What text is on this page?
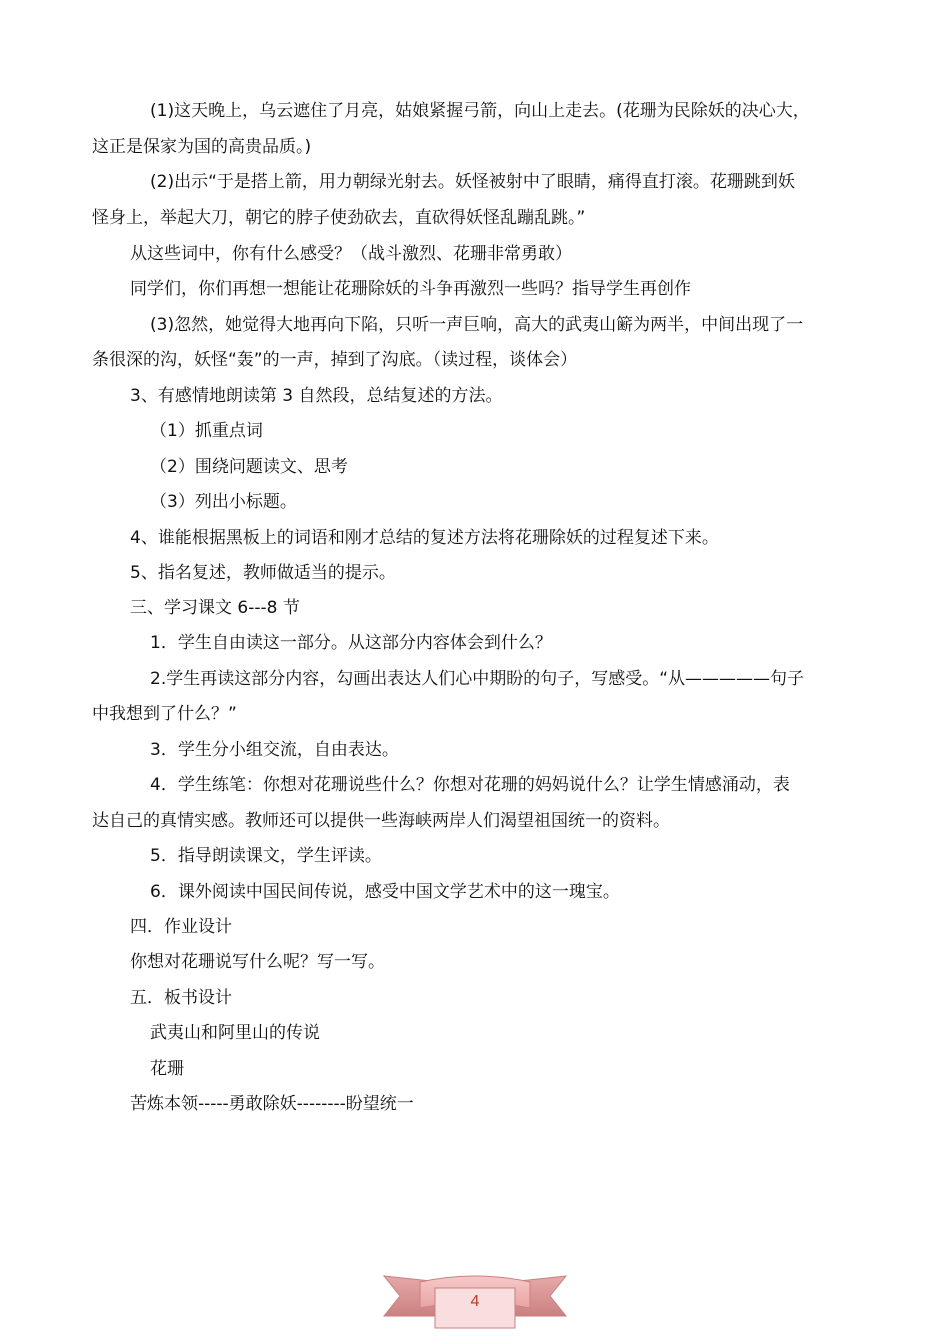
(1)这天晚上，乌云遮住了月亮，姑娘紧握弓箭，向山上走去。(花珊为民除妖的决心大，
这正是保家为国的高贵品质。)
(2)出示“于是搭上箭，用力朝绿光射去。妖怪被射中了眼睛，痛得直打滚。花珊跳到妖
怪身上，举起大刀，朝它的脖子使劲砍去，直砍得妖怪乱蹦乱跳。”
从这些词中，你有什么感受？（战斗激烈、花珊非常勇敢）
同学们，你们再想一想能让花珊除妖的斗争再激烈一些吗？指导学生再创作
(3)忽然，她觉得大地再向下陷，只听一声巨响，高大的武夷山簖为两半，中间出现了一
条很深的沟，妖怪“轰”的一声，掉到了沟底。（读过程，谈体会）
3、有感情地朗读第 3 自然段，总结复述的方法。
（1）抓重点词
（2）围绕问题读文、思考
（3）列出小标题。
4、谁能根据黑板上的词语和刚才总结的复述方法将花珊除妖的过程复述下来。
5、指名复述，教师做适当的提示。
三、学习课文 6---8 节
1．学生自由读这一部分。从这部分内容体会到什么？
2.学生再读这部分内容，勾画出表达人们心中期盼的句子，写感受。“从—————句子
中我想到了什么？”
3．学生分小组交流，自由表达。
4．学生练笔：你想对花珊说些什么？你想对花珊的妈妈说什么？让学生情感涌动，表
达自己的真情实感。教师还可以提供一些海峡两岸人们渴望祖国统一的资料。
5．指导朗读课文，学生评读。
6．课外阅读中国民间传说，感受中国文学艺术中的这一瑰宝。
四．作业设计
你想对花珊说写什么呢？写一写。
五．板书设计
武夷山和阿里山的传说
花珊
苦炼本领-----勇敢除妖--------盼望统一
4
